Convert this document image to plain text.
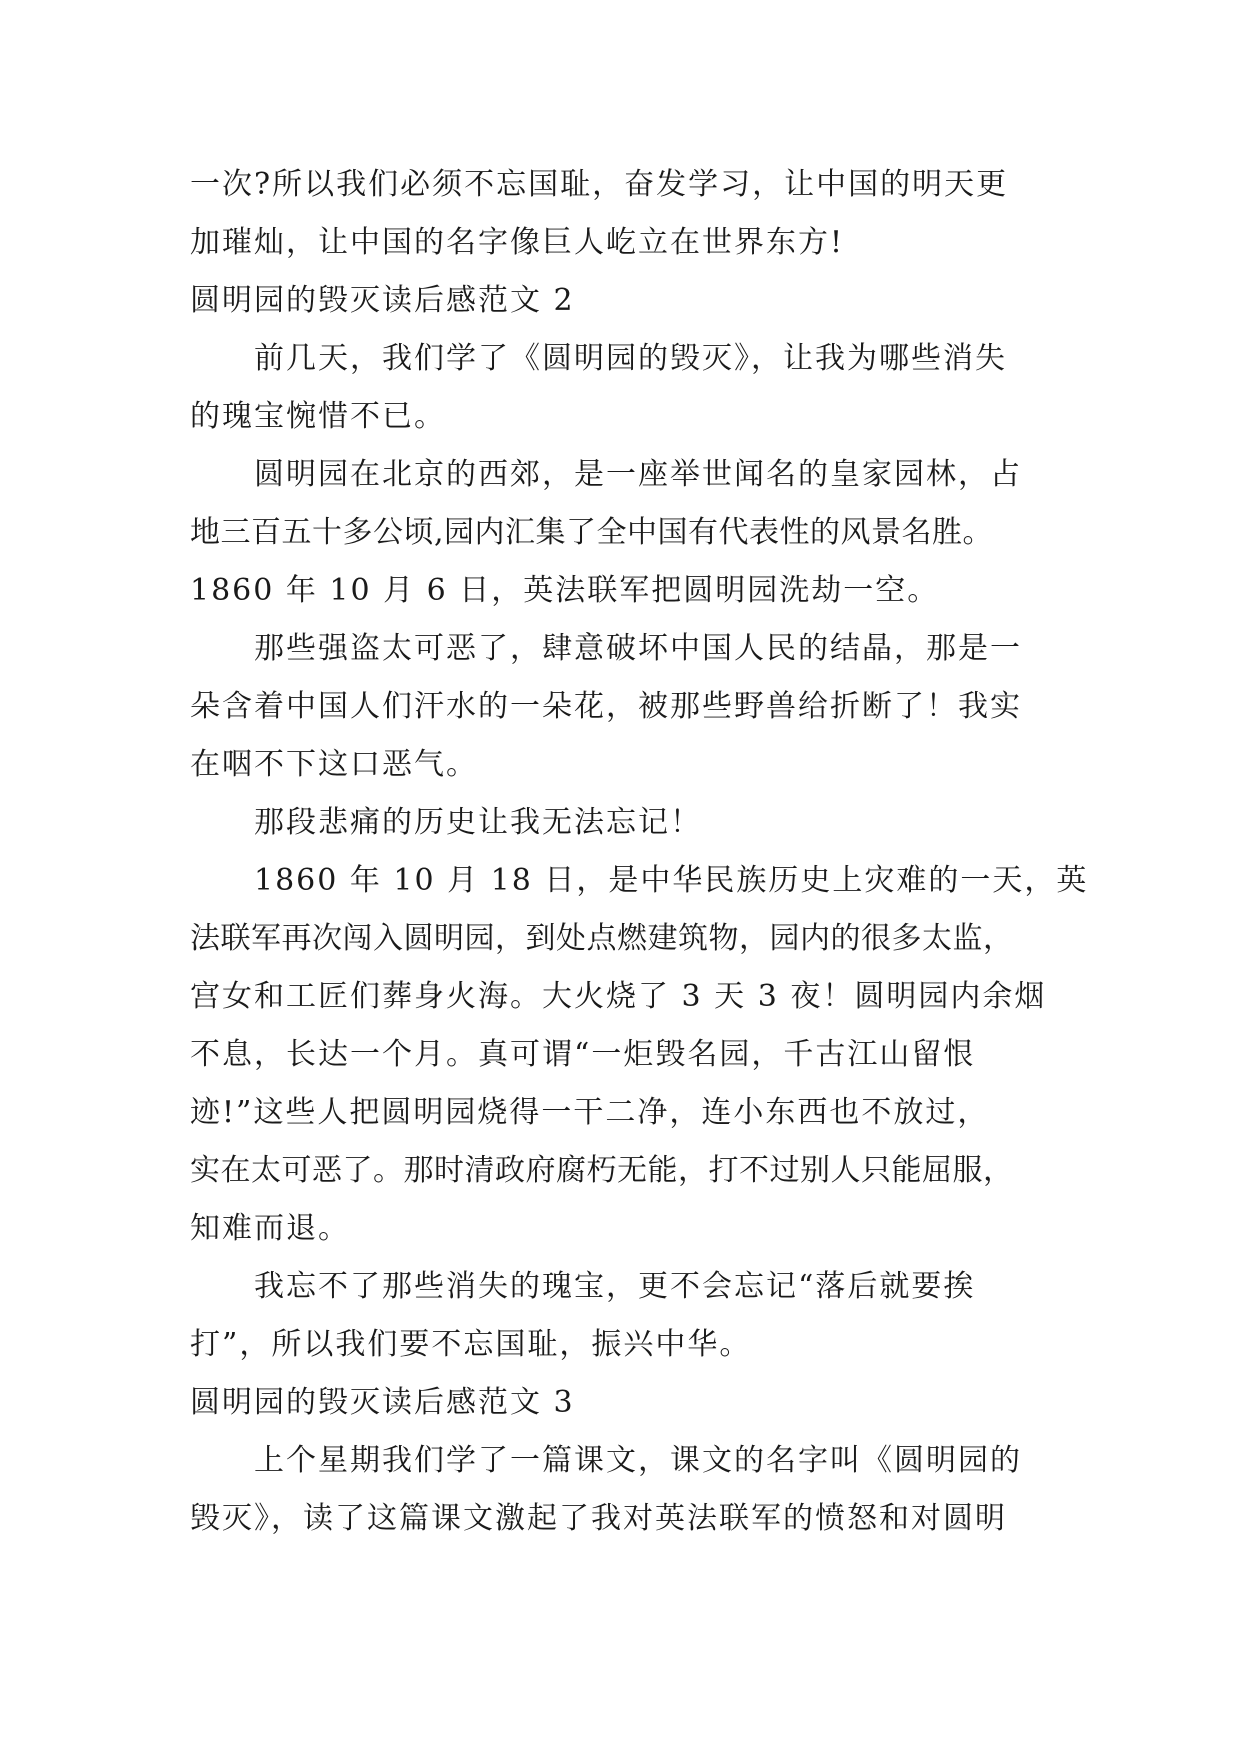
一次?所以我们必须不忘国耻，奋发学习，让中国的明天更

加璀灿，让中国的名字像巨人屹立在世界东方!

圆明园的毁灭读后感范文 2

前几天，我们学了《圆明园的毁灭》，让我为哪些消失

的瑰宝惋惜不已。

圆明园在北京的西郊，是一座举世闻名的皇家园林，占

地三百五十多公顷,园内汇集了全中国有代表性的风景名胜。

1860 年 10 月 6 日，英法联军把圆明园洗劫一空。

那些强盗太可恶了，肆意破坏中国人民的结晶，那是一

朵含着中国人们汗水的一朵花，被那些野兽给折断了！我实

在咽不下这口恶气。

那段悲痛的历史让我无法忘记！

1860 年 10 月 18 日，是中华民族历史上灾难的一天，英

法联军再次闯入圆明园，到处点燃建筑物，园内的很多太监，

宫女和工匠们葬身火海。大火烧了 3 天 3 夜！圆明园内余烟

不息，长达一个月。真可谓“一炬毁名园，千古江山留恨

迹!”这些人把圆明园烧得一干二净，连小东西也不放过，

实在太可恶了。那时清政府腐朽无能，打不过别人只能屈服，

知难而退。

我忘不了那些消失的瑰宝，更不会忘记“落后就要挨

打”，所以我们要不忘国耻，振兴中华。

圆明园的毁灭读后感范文 3

上个星期我们学了一篇课文，课文的名字叫《圆明园的

毁灭》，读了这篇课文激起了我对英法联军的愤怒和对圆明
